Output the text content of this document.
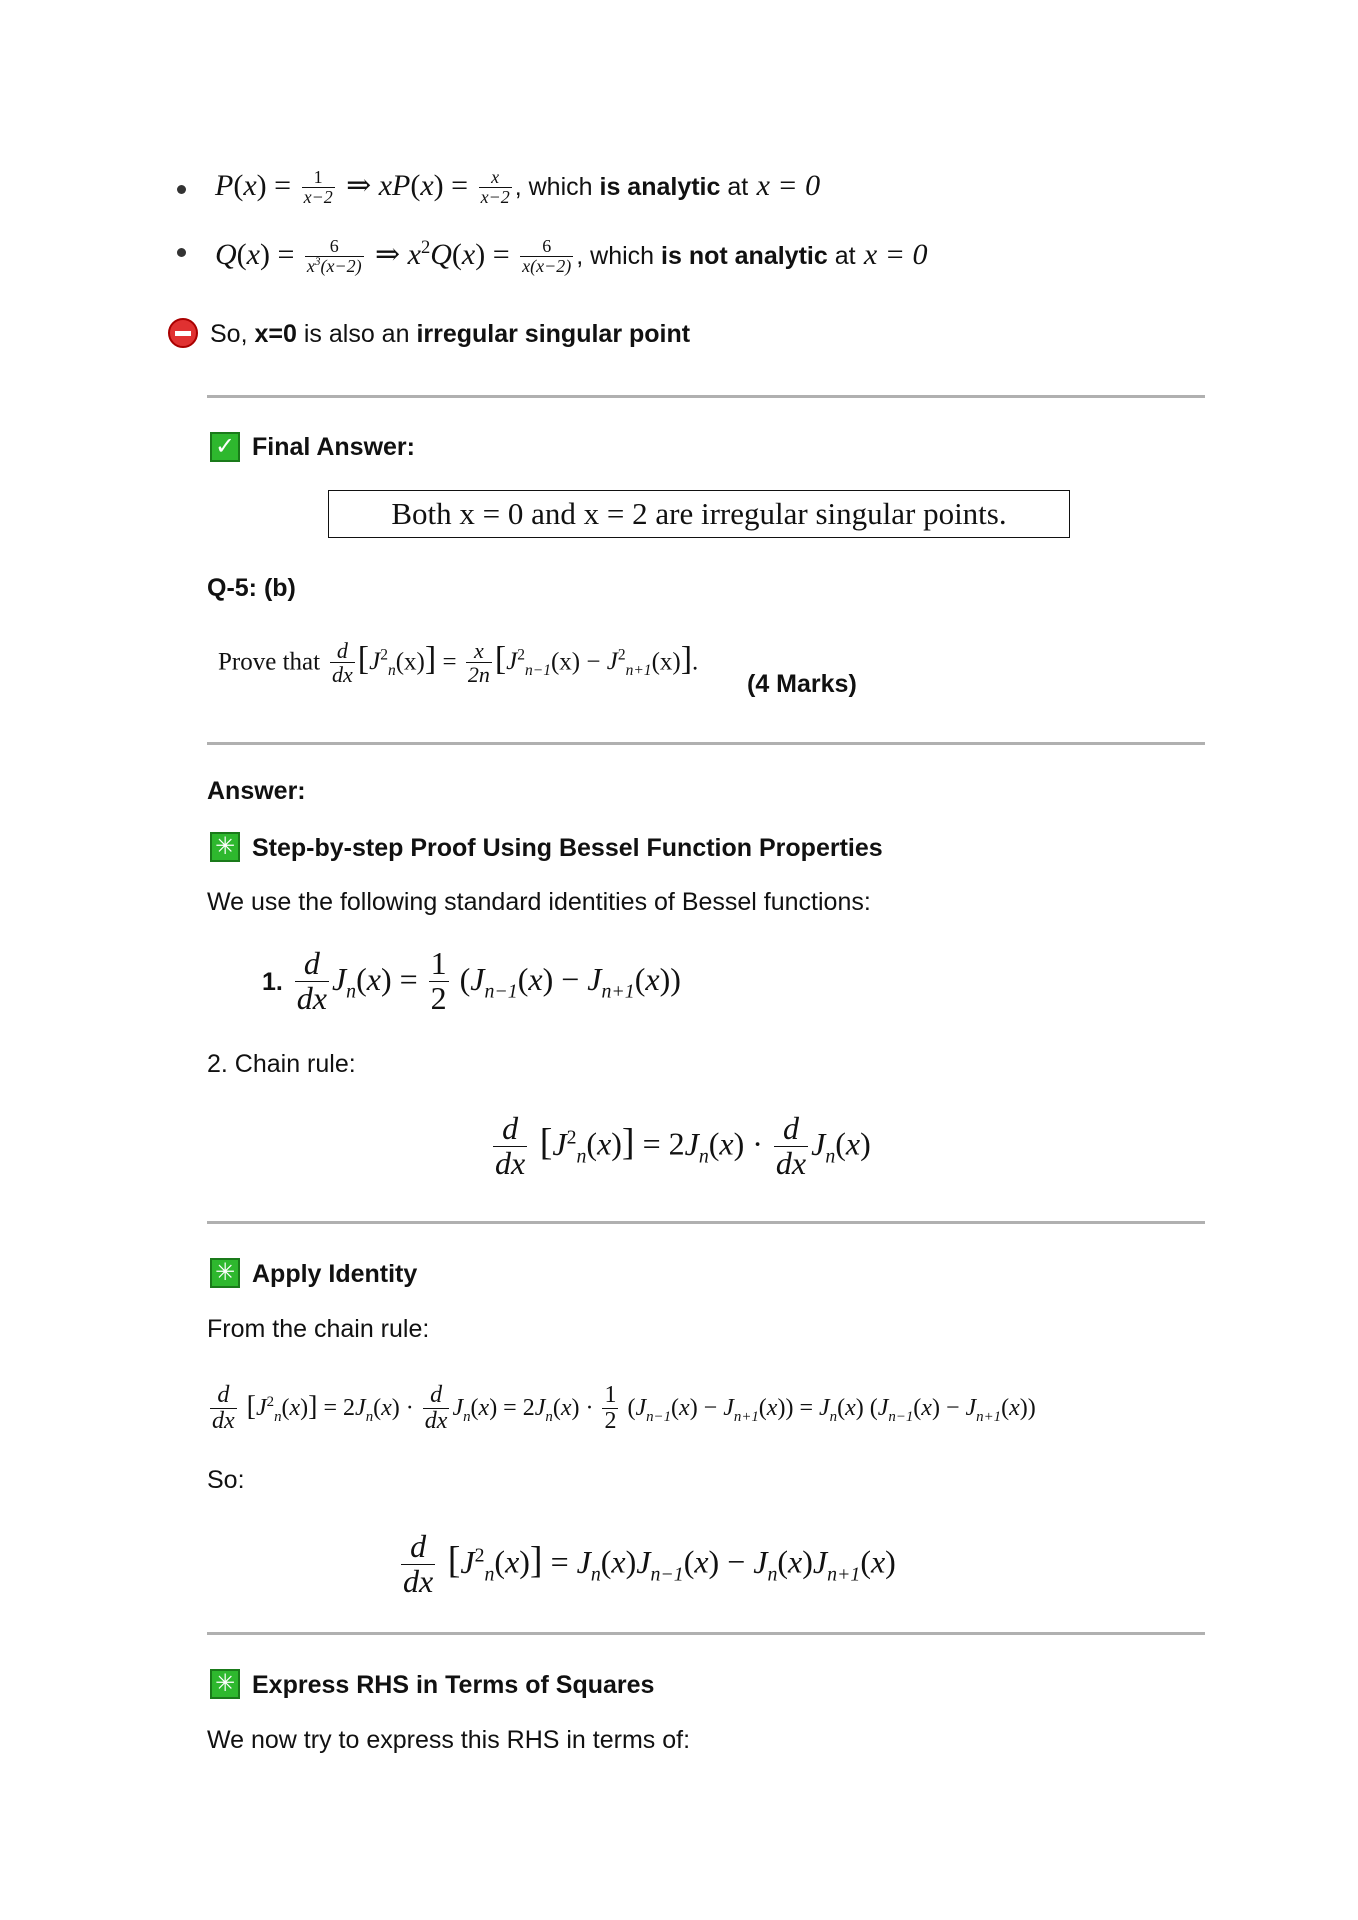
$P(x) = \frac{1}{x-2}$ ⇒ $xP(x) = \frac{x}{x-2}$ , which is analytic at x = 0
$Q(x) = \frac{6}{x^3(x-2)}$ ⇒ $x^2Q(x) = \frac{6}{x(x-2)}$ , which is not analytic at x = 0
So, x=0 is also an irregular singular point
✓ Final Answer:
Both x = 0 and x = 2 are irregular singular points.
Q-5: (b)
Prove that $\frac{d}{dx} [J^2_n(x)] = \frac{x}{2n} [J^2_{n-1}(x) - J^2_{n+1}(x)]$.
(4 Marks)
Answer:
✳ Step-by-step Proof Using Bessel Function Properties
We use the following standard identities of Bessel functions:
1. $\frac{d}{dx} J_n(x) = \frac{1}{2} (J_{n-1}(x) - J_{n+1}(x))$
2. Chain rule:
$\frac{d}{dx} [J^2_n(x)] = 2J_n(x) \cdot \frac{d}{dx} J_n(x)$
✳ Apply Identity
From the chain rule:
$\frac{d}{dx} [J^2_n(x)] = 2J_n(x) \cdot \frac{d}{dx} J_n(x) = 2J_n(x) \cdot \frac{1}{2} (J_{n-1}(x) - J_{n+1}(x)) = J_n(x) (J_{n-1}(x) - J_{n+1}(x))$
So:
$\frac{d}{dx} [J^2_n(x)] = J_n(x)J_{n-1}(x) - J_n(x)J_{n+1}(x)$
✳ Express RHS in Terms of Squares
We now try to express this RHS in terms of:
